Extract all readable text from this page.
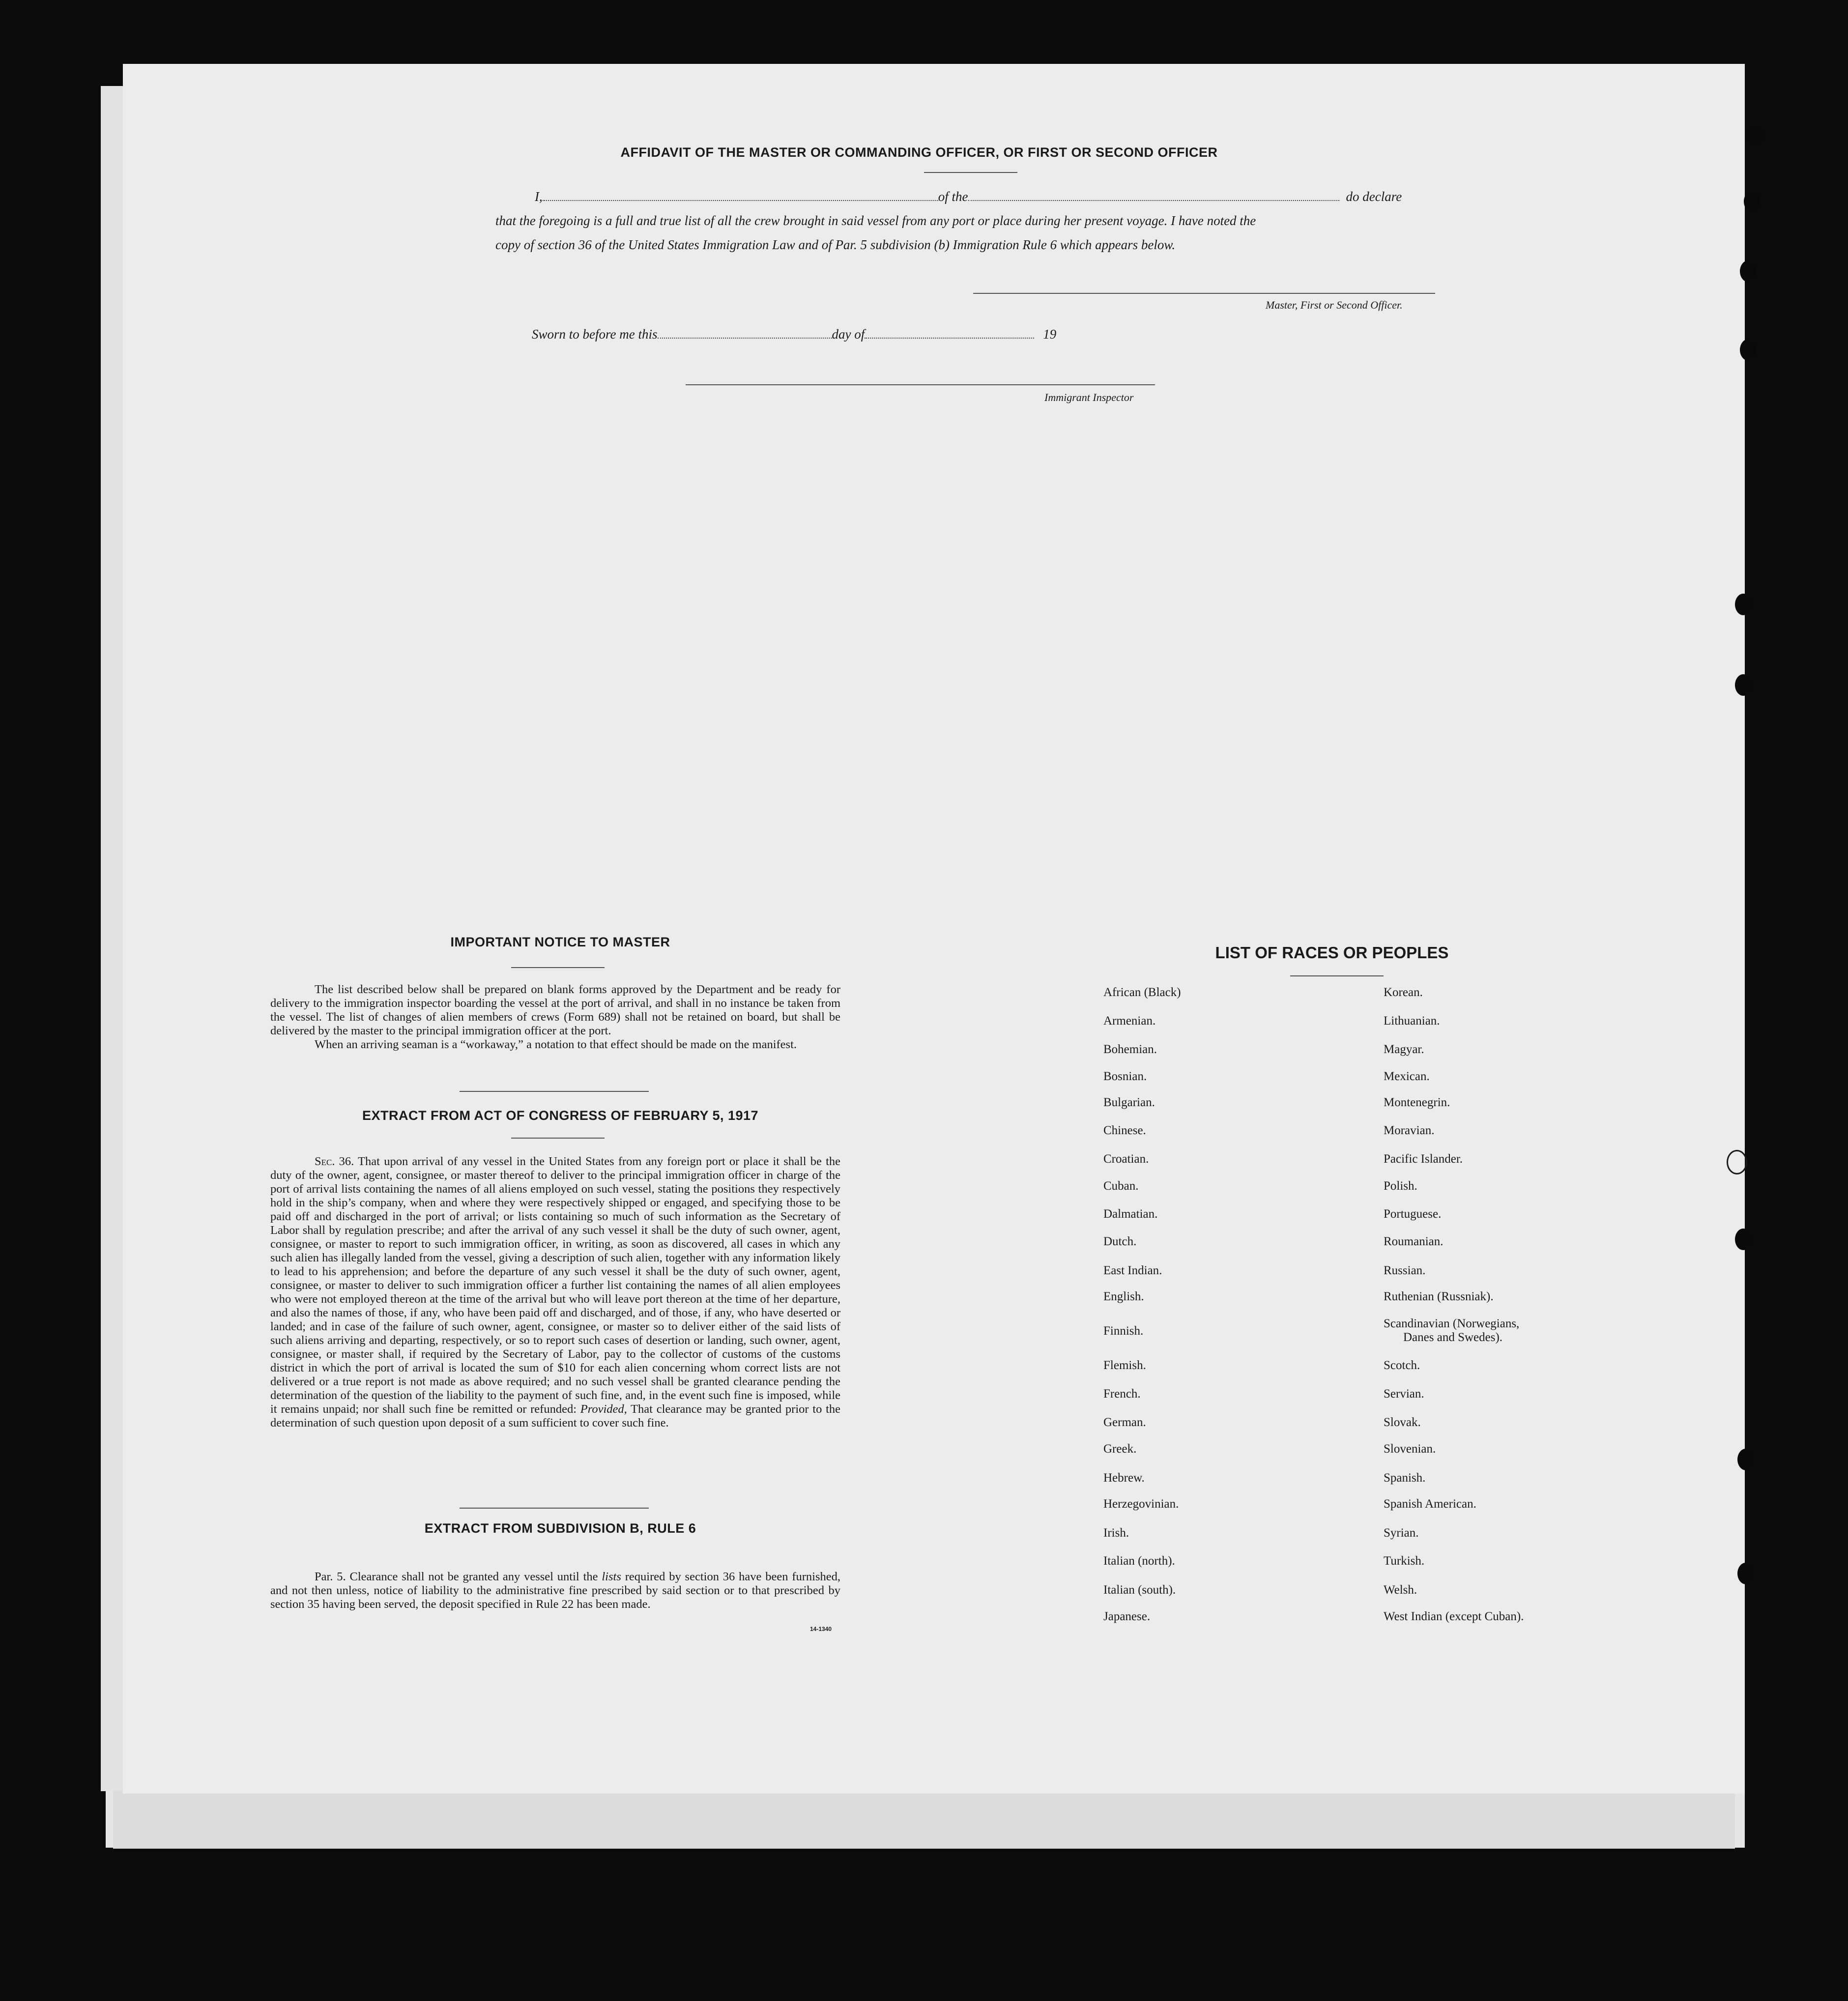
AFFIDAVIT OF THE MASTER OR COMMANDING OFFICER, OR FIRST OR SECOND OFFICER
I,	of the	do declare
that the foregoing is a full and true list of all the crew brought in said vessel from any port or place during her present voyage. I have noted the
copy of section 36 of the United States Immigration Law and of Par. 5 subdivision (b) Immigration Rule 6 which appears below.
Master, First or Second Officer.
Sworn to before me this	day of	19
Immigrant Inspector
IMPORTANT NOTICE TO MASTER

The list described below shall be prepared on blank forms approved by the Department and be ready for delivery to the immigration inspector boarding the vessel at the port of arrival, and shall in no instance be taken from the vessel. The list of changes of alien members of crews (Form 689) shall not be retained on board, but shall be delivered by the master to the principal immigration officer at the port.

When an arriving seaman is a “workaway,” a notation to that effect should be made on the manifest.

EXTRACT FROM ACT OF CONGRESS OF FEBRUARY 5, 1917

Sec. 36. That upon arrival of any vessel in the United States from any foreign port or place it shall be the duty of the owner, agent, consignee, or master thereof to deliver to the principal immigration officer in charge of the port of arrival lists containing the names of all aliens employed on such vessel, stating the positions they respectively hold in the ship’s company, when and where they were respectively shipped or engaged, and specifying those to be paid off and discharged in the port of arrival; or lists containing so much of such information as the Secretary of Labor shall by regulation prescribe; and after the arrival of any such vessel it shall be the duty of such owner, agent, consignee, or master to report to such immigration officer, in writing, as soon as discovered, all cases in which any such alien has illegally landed from the vessel, giving a description of such alien, together with any information likely to lead to his apprehension; and before the departure of any such vessel it shall be the duty of such owner, agent, consignee, or master to deliver to such immigration officer a further list containing the names of all alien employees who were not employed thereon at the time of the arrival but who will leave port thereon at the time of her departure, and also the names of those, if any, who have been paid off and discharged, and of those, if any, who have deserted or landed; and in case of the failure of such owner, agent, consignee, or master so to deliver either of the said lists of such aliens arriving and departing, respectively, or so to report such cases of desertion or landing, such owner, agent, consignee, or master shall, if required by the Secretary of Labor, pay to the collector of customs of the customs district in which the port of arrival is located the sum of $10 for each alien concerning whom correct lists are not delivered or a true report is not made as above required; and no such vessel shall be granted clearance pending the determination of the question of the liability to the payment of such fine, and, in the event such fine is imposed, while it remains unpaid; nor shall such fine be remitted or refunded: Provided, That clearance may be granted prior to the determination of such question upon deposit of a sum sufficient to cover such fine.

EXTRACT FROM SUBDIVISION B, RULE 6

Par. 5. Clearance shall not be granted any vessel until the lists required by section 36 have been furnished, and not then unless, notice of liability to the administrative fine prescribed by said section or to that prescribed by section 35 having been served, the deposit specified in Rule 22 has been made.

14-1340
LIST OF RACES OR PEOPLES
African (Black)
Armenian.
Bohemian.
Bosnian.
Bulgarian.
Chinese.
Croatian.
Cuban.
Dalmatian.
Dutch.
East Indian.
English.
Finnish.
Flemish.
French.
German.
Greek.
Hebrew.
Herzegovinian.
Irish.
Italian (north).
Italian (south).
Japanese.
Korean.
Lithuanian.
Magyar.
Mexican.
Montenegrin.
Moravian.
Pacific Islander.
Polish.
Portuguese.
Roumanian.
Russian.
Ruthenian (Russniak).
Scandinavian (Norwegians,
Danes and Swedes).
Scotch.
Servian.
Slovak.
Slovenian.
Spanish.
Spanish American.
Syrian.
Turkish.
Welsh.
West Indian (except Cuban).
